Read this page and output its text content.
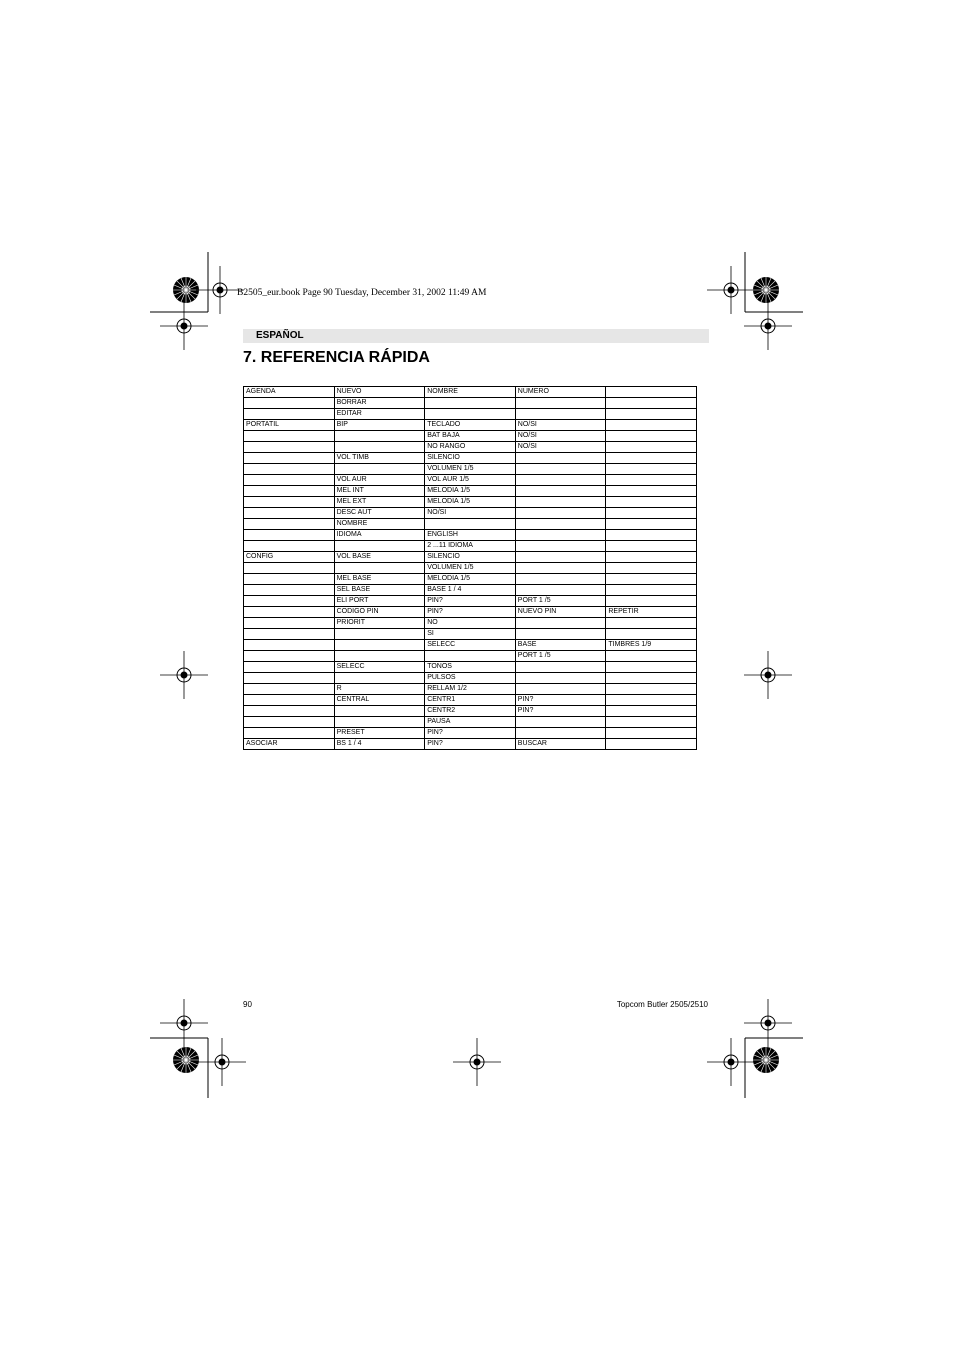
B2505_eur.book Page 90 Tuesday, December 31, 2002 11:49 AM
ESPAÑOL
7. REFERENCIA RÁPIDA
AGENDA	NUEVO	NOMBRE	NUMERO	
	BORRAR			
	EDITAR			
PORTATIL	BIP	TECLADO	NO/SI	
		BAT BAJA	NO/SI	
		NO RANGO	NO/SI	
	VOL TIMB	SILENCIO		
		VOLUMEN 1/5		
	VOL AUR	VOL AUR 1/5		
	MEL INT	MELODIA 1/5		
	MEL EXT	MELODIA 1/5		
	DESC AUT	NO/SI		
	NOMBRE			
	IDIOMA	ENGLISH		
		2 ...11 IDIOMA		
CONFIG	VOL BASE	SILENCIO		
		VOLUMEN 1/5		
	MEL BASE	MELODIA 1/5		
	SEL BASE	BASE 1 / 4		
	ELI PORT	PIN?	PORT 1 /5	
	CODIGO PIN	PIN?	NUEVO PIN	REPETIR
	PRIORIT	NO		
		SI		
		SELECC	BASE	TIMBRES 1/9
			PORT 1 /5	
	SELECC	TONOS		
		PULSOS		
	R	RELLAM 1/2		
	CENTRAL	CENTR1	PIN?	
		CENTR2	PIN?	
		PAUSA		
	PRESET	PIN?		
ASOCIAR	BS 1 / 4	PIN?	BUSCAR	
90	Topcom Butler 2505/2510
